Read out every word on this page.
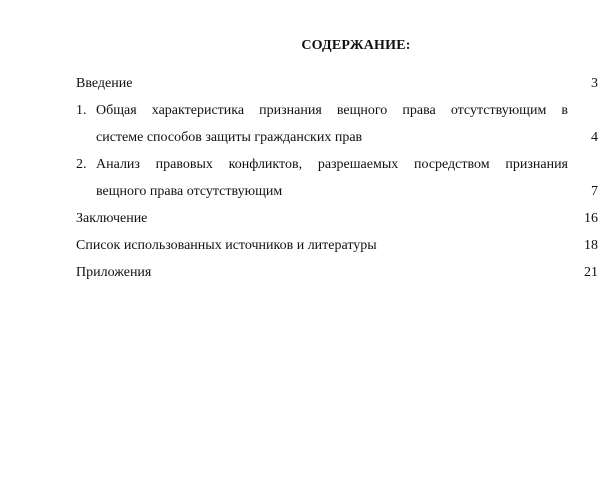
СОДЕРЖАНИЕ:
Введение	3
1. Общая характеристика признания вещного права отсутствующим в
системе способов защиты гражданских прав	4
2. Анализ правовых конфликтов, разрешаемых посредством признания
вещного права отсутствующим	7
Заключение	16
Список использованных источников и литературы	18
Приложения	21
